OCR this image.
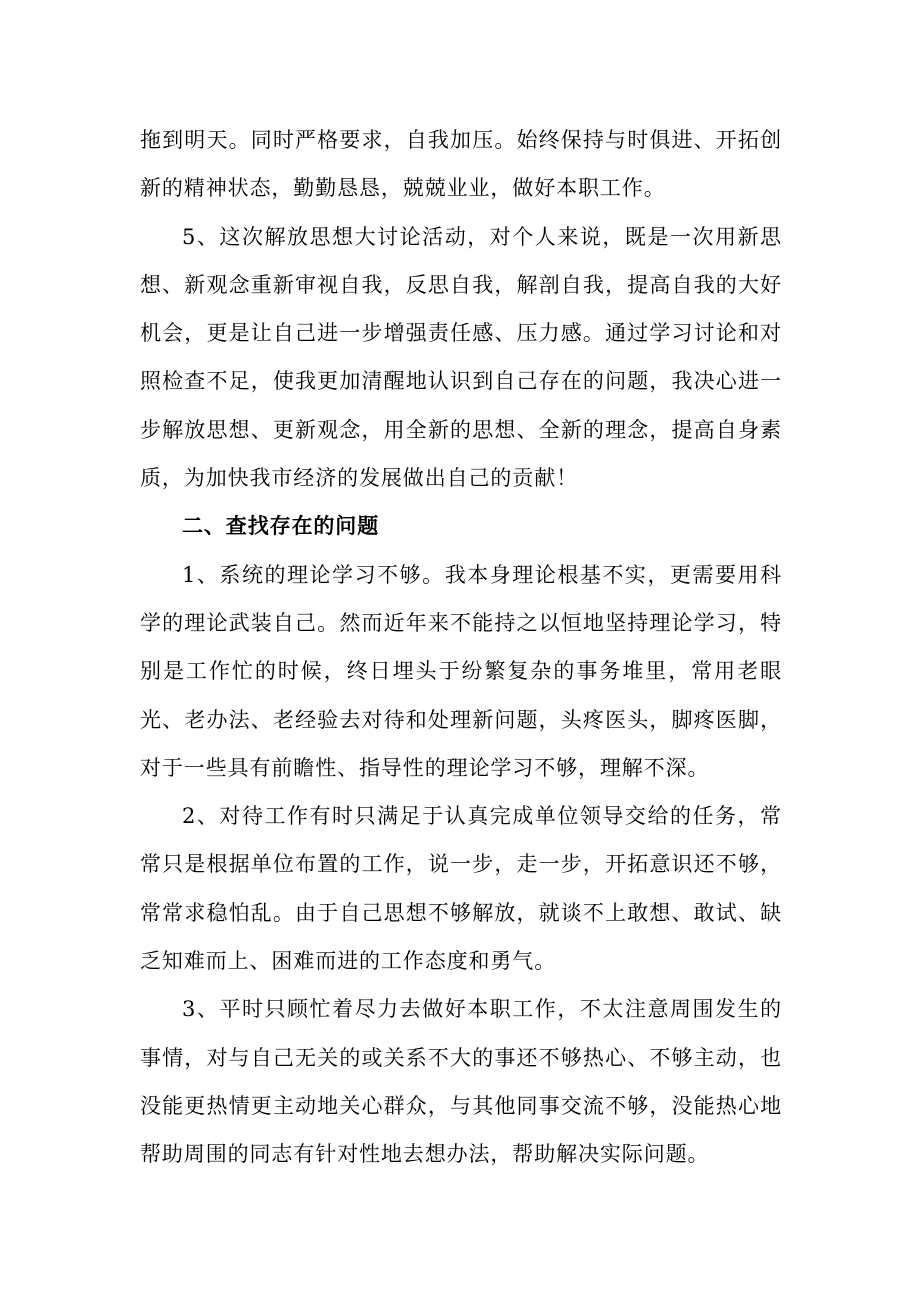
拖到明天。同时严格要求，自我加压。始终保持与时俱进、开拓创新的精神状态，勤勤恳恳，兢兢业业，做好本职工作。

5、这次解放思想大讨论活动，对个人来说，既是一次用新思想、新观念重新审视自我，反思自我，解剖自我，提高自我的大好机会，更是让自己进一步增强责任感、压力感。通过学习讨论和对照检查不足，使我更加清醒地认识到自己存在的问题，我决心进一步解放思想、更新观念，用全新的思想、全新的理念，提高自身素质，为加快我市经济的发展做出自己的贡献！

二、查找存在的问题

1、系统的理论学习不够。我本身理论根基不实，更需要用科学的理论武装自己。然而近年来不能持之以恒地坚持理论学习，特别是工作忙的时候，终日埋头于纷繁复杂的事务堆里，常用老眼光、老办法、老经验去对待和处理新问题，头疼医头，脚疼医脚，对于一些具有前瞻性、指导性的理论学习不够，理解不深。

2、对待工作有时只满足于认真完成单位领导交给的任务，常常只是根据单位布置的工作，说一步，走一步，开拓意识还不够，常常求稳怕乱。由于自己思想不够解放，就谈不上敢想、敢试、缺乏知难而上、困难而进的工作态度和勇气。

3、平时只顾忙着尽力去做好本职工作，不太注意周围发生的事情，对与自己无关的或关系不大的事还不够热心、不够主动，也没能更热情更主动地关心群众，与其他同事交流不够，没能热心地帮助周围的同志有针对性地去想办法，帮助解决实际问题。
